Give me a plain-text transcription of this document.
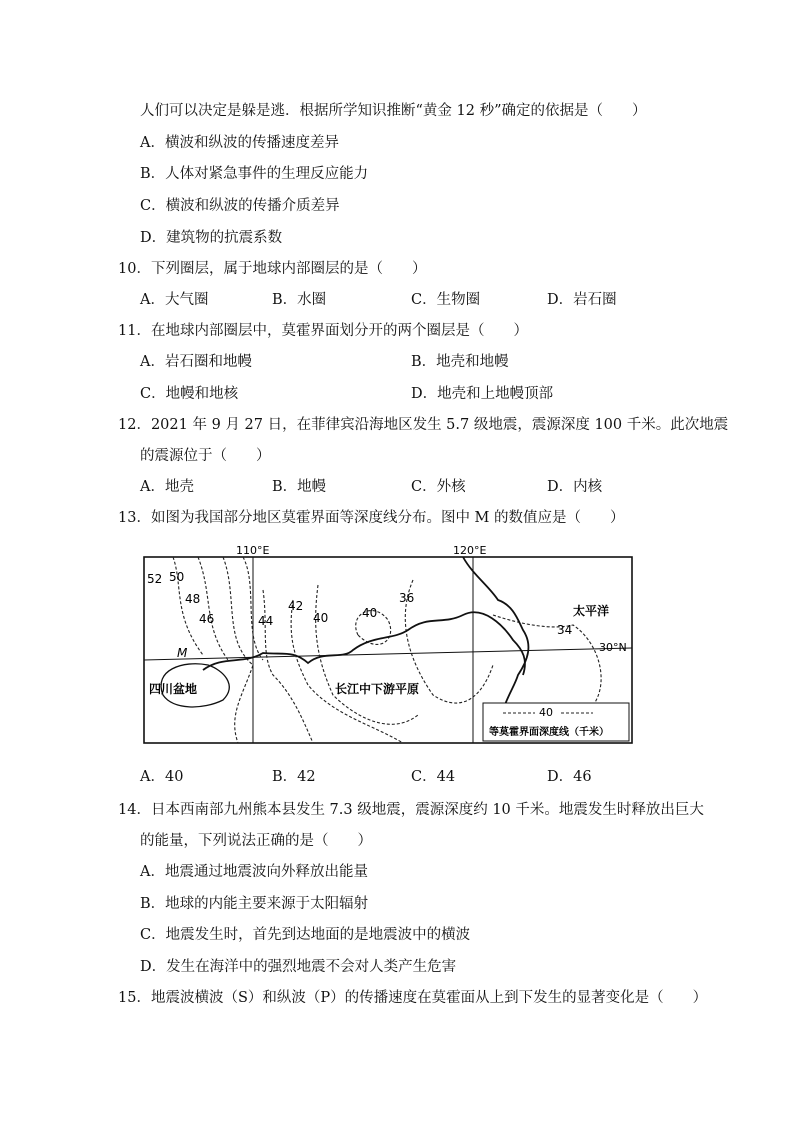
人们可以决定是躲是逃．根据所学知识推断“黄金 12 秒”确定的依据是（　　）
A．横波和纵波的传播速度差异
B．人体对紧急事件的生理反应能力
C．横波和纵波的传播介质差异
D．建筑物的抗震系数
10．下列圈层，属于地球内部圈层的是（　　）
A．大气圈	B．水圈	C．生物圈	D．岩石圈
11．在地球内部圈层中，莫霍界面划分开的两个圈层是（　　）
A．岩石圈和地幔	B．地壳和地幔
C．地幔和地核	D．地壳和上地幔顶部
12．2021 年 9 月 27 日，在菲律宾沿海地区发生 5.7 级地震，震源深度 100 千米。此次地震
的震源位于（　　）
A．地壳	B．地幔	C．外核	D．内核
13．如图为我国部分地区莫霍界面等深度线分布。图中 M 的数值应是（　　）
110°E	120°E
30°N
52 50
48
46	44
42
40	40
36
34
M
四川盆地	长江中下游平原
太平洋
40
等莫霍界面深度线（千米）
A．40	B．42	C．44	D．46
14．日本西南部九州熊本县发生 7.3 级地震，震源深度约 10 千米。地震发生时释放出巨大
的能量，下列说法正确的是（　　）
A．地震通过地震波向外释放出能量
B．地球的内能主要来源于太阳辐射
C．地震发生时，首先到达地面的是地震波中的横波
D．发生在海洋中的强烈地震不会对人类产生危害
15．地震波横波（S）和纵波（P）的传播速度在莫霍面从上到下发生的显著变化是（　　）
